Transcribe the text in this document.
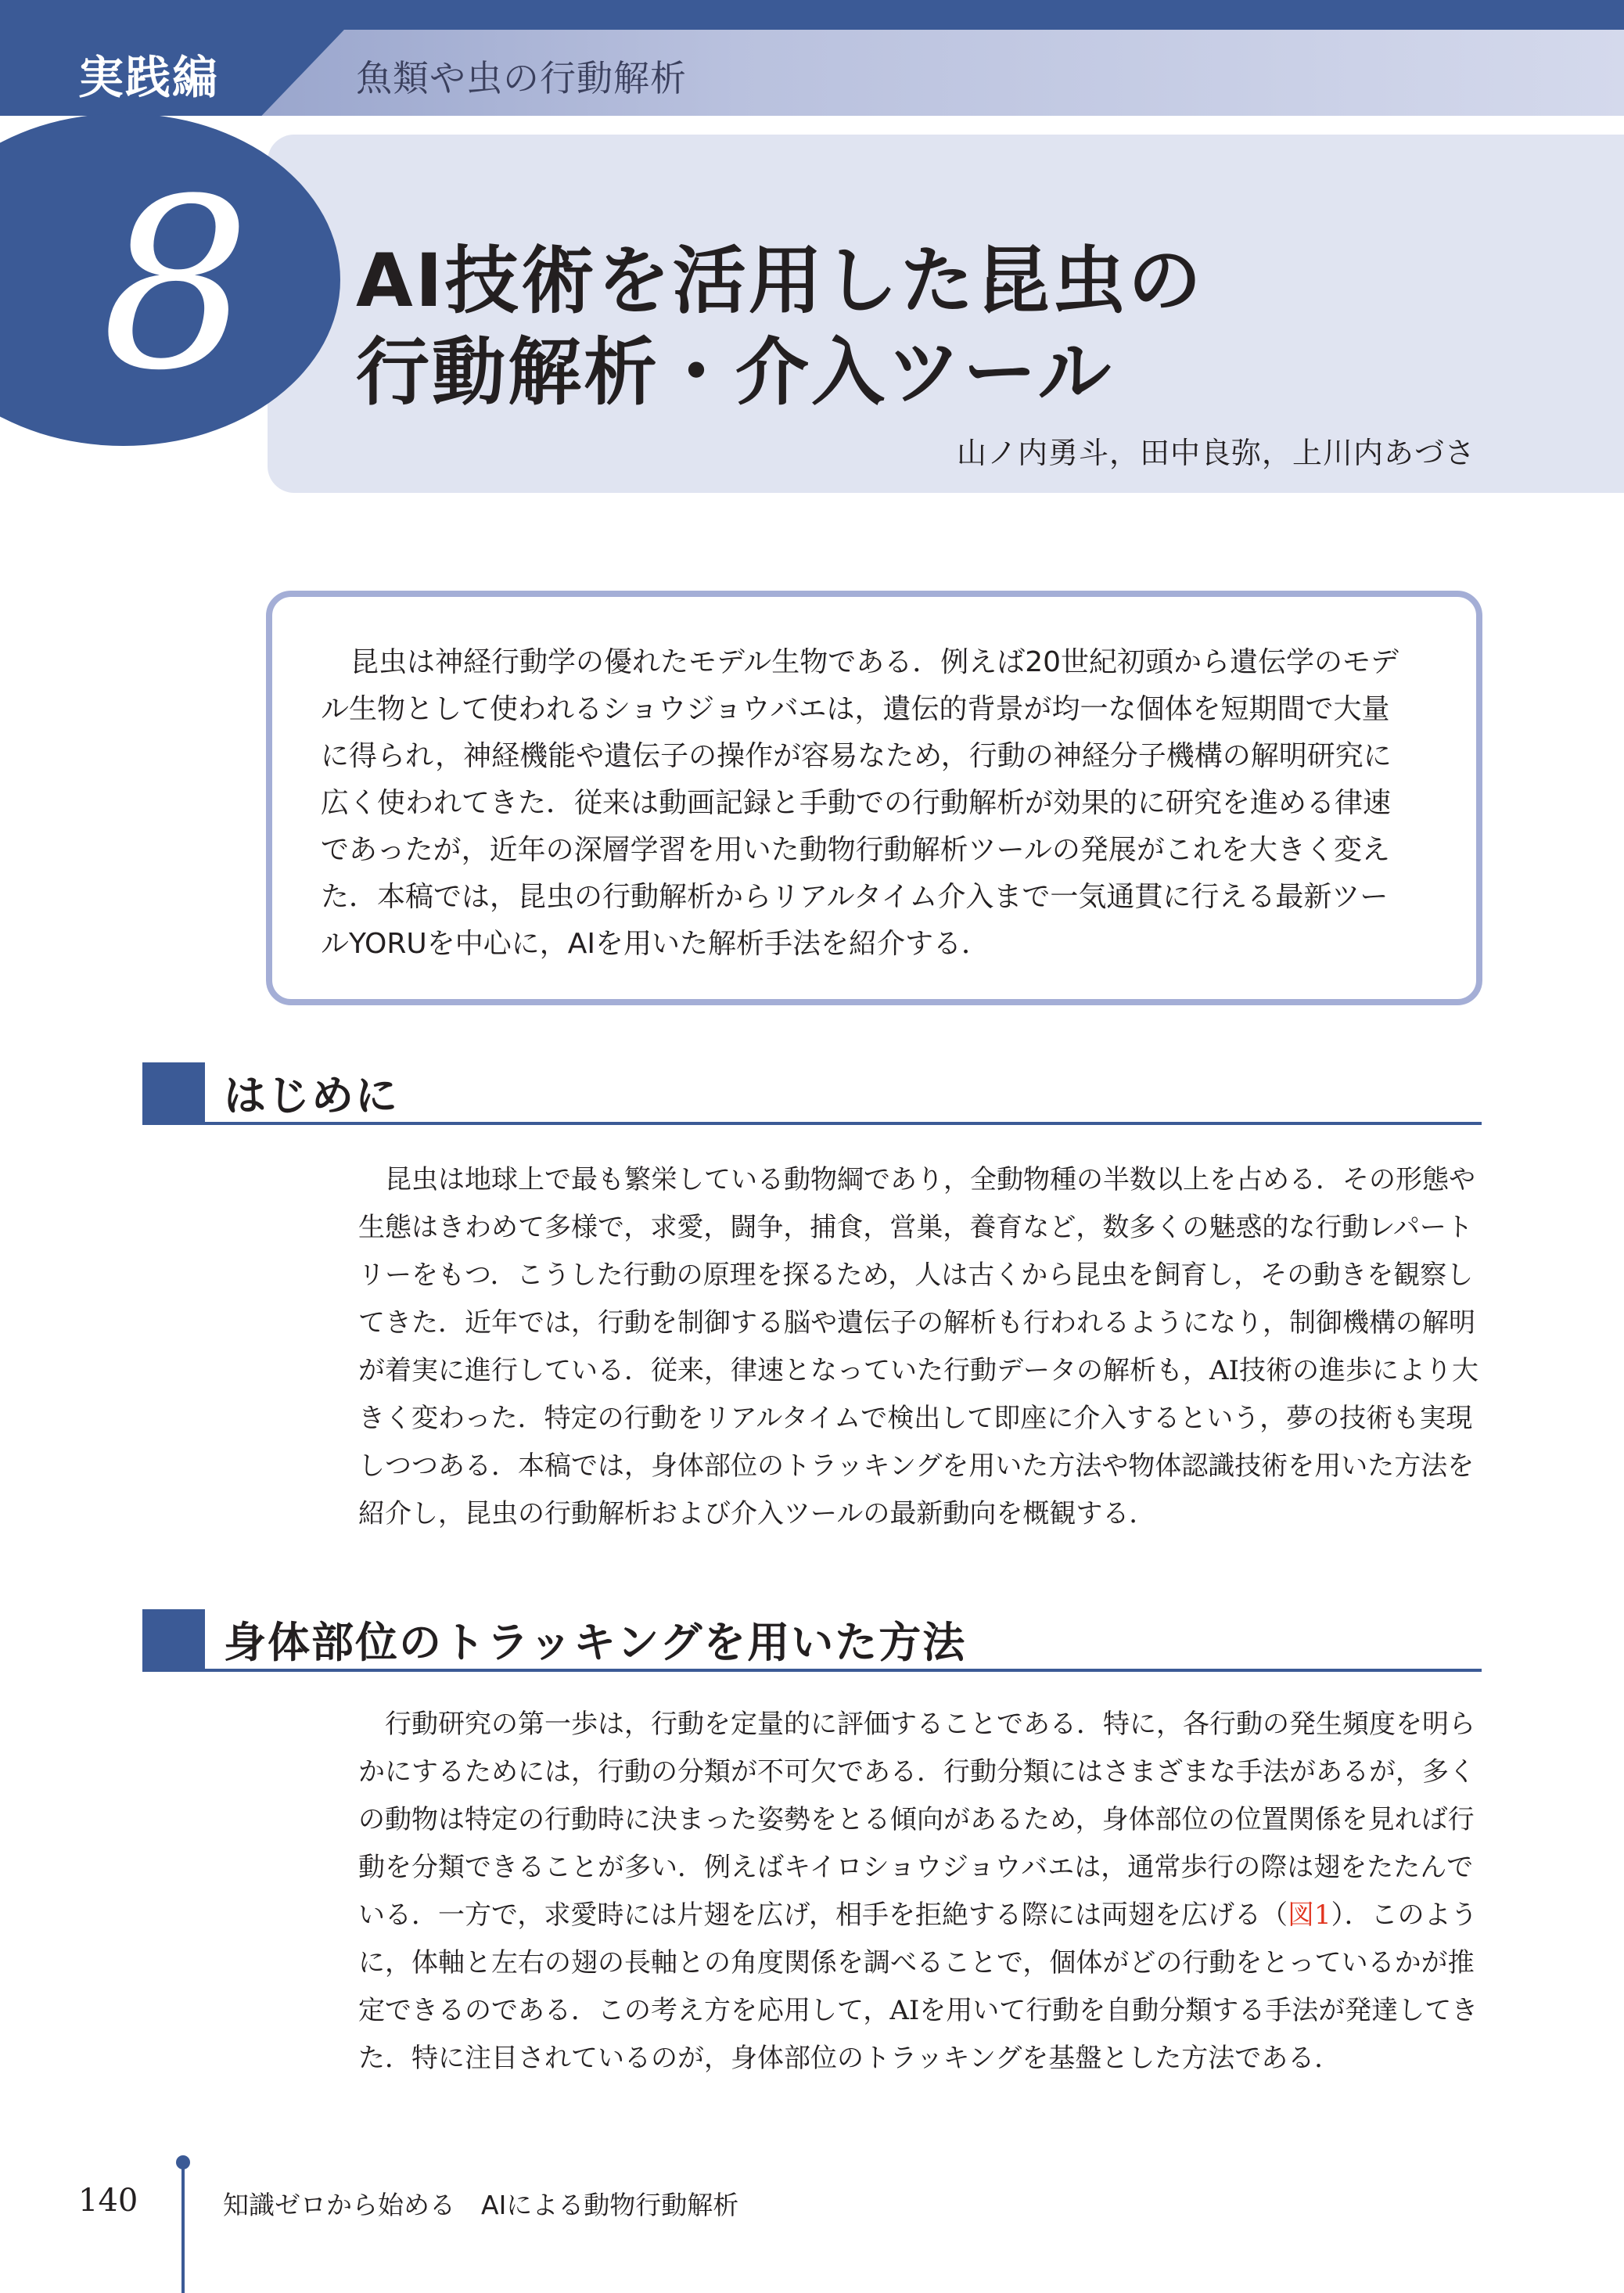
実践編	魚類や虫の行動解析
8 AI技術を活用した昆虫の
行動解析・介入ツール
山ノ内勇斗，田中良弥，上川内あづさ
昆虫は神経行動学の優れたモデル生物である．例えば20世紀初頭から遺伝学のモデ
ル生物として使われるショウジョウバエは，遺伝的背景が均一な個体を短期間で大量
に得られ，神経機能や遺伝子の操作が容易なため，行動の神経分子機構の解明研究に
広く使われてきた．従来は動画記録と手動での行動解析が効果的に研究を進める律速
であったが，近年の深層学習を用いた動物行動解析ツールの発展がこれを大きく変え
た．本稿では，昆虫の行動解析からリアルタイム介入まで一気通貫に行える最新ツー
ルYORUを中心に，AIを用いた解析手法を紹介する．
はじめに
昆虫は地球上で最も繁栄している動物綱であり，全動物種の半数以上を占める．その形態や
生態はきわめて多様で，求愛，闘争，捕食，営巣，養育など，数多くの魅惑的な行動レパート
リーをもつ．こうした行動の原理を探るため，人は古くから昆虫を飼育し，その動きを観察し
てきた．近年では，行動を制御する脳や遺伝子の解析も行われるようになり，制御機構の解明
が着実に進行している．従来，律速となっていた行動データの解析も，AI技術の進歩により大
きく変わった．特定の行動をリアルタイムで検出して即座に介入するという，夢の技術も実現
しつつある．本稿では，身体部位のトラッキングを用いた方法や物体認識技術を用いた方法を
紹介し，昆虫の行動解析および介入ツールの最新動向を概観する．
身体部位のトラッキングを用いた方法
行動研究の第一歩は，行動を定量的に評価することである．特に，各行動の発生頻度を明ら
かにするためには，行動の分類が不可欠である．行動分類にはさまざまな手法があるが，多く
の動物は特定の行動時に決まった姿勢をとる傾向があるため，身体部位の位置関係を見れば行
動を分類できることが多い．例えばキイロショウジョウバエは，通常歩行の際は翅をたたんで
いる．一方で，求愛時には片翅を広げ，相手を拒絶する際には両翅を広げる（図1）．このよう
に，体軸と左右の翅の長軸との角度関係を調べることで，個体がどの行動をとっているかが推
定できるのである．この考え方を応用して，AIを用いて行動を自動分類する手法が発達してき
た．特に注目されているのが，身体部位のトラッキングを基盤とした方法である．
140	知識ゼロから始める　AIによる動物行動解析
